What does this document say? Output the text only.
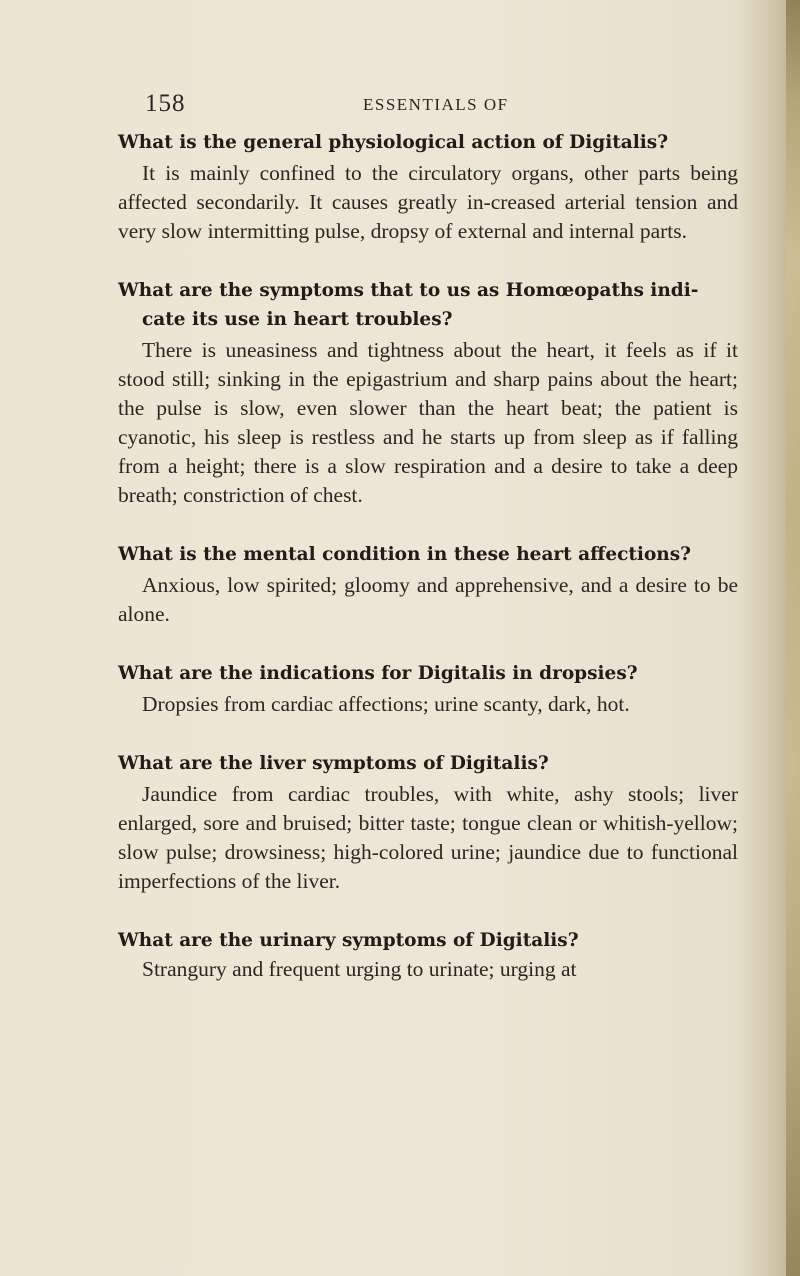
158	ESSENTIALS OF

What is the general physiological action of Digitalis?

It is mainly confined to the circulatory organs, other parts being affected secondarily. It causes greatly in-creased arterial tension and very slow intermitting pulse, dropsy of external and internal parts.

What are the symptoms that to us as Homœopaths indi-cate its use in heart troubles?

There is uneasiness and tightness about the heart, it feels as if it stood still; sinking in the epigastrium and sharp pains about the heart; the pulse is slow, even slower than the heart beat; the patient is cyanotic, his sleep is restless and he starts up from sleep as if falling from a height; there is a slow respiration and a desire to take a deep breath; constriction of chest.

What is the mental condition in these heart affections?

Anxious, low spirited; gloomy and apprehensive, and a desire to be alone.

What are the indications for Digitalis in dropsies?

Dropsies from cardiac affections; urine scanty, dark, hot.

What are the liver symptoms of Digitalis?

Jaundice from cardiac troubles, with white, ashy stools; liver enlarged, sore and bruised; bitter taste; tongue clean or whitish-yellow; slow pulse; drowsiness; high-colored urine; jaundice due to functional imperfections of the liver.

What are the urinary symptoms of Digitalis?

Strangury and frequent urging to urinate; urging at
